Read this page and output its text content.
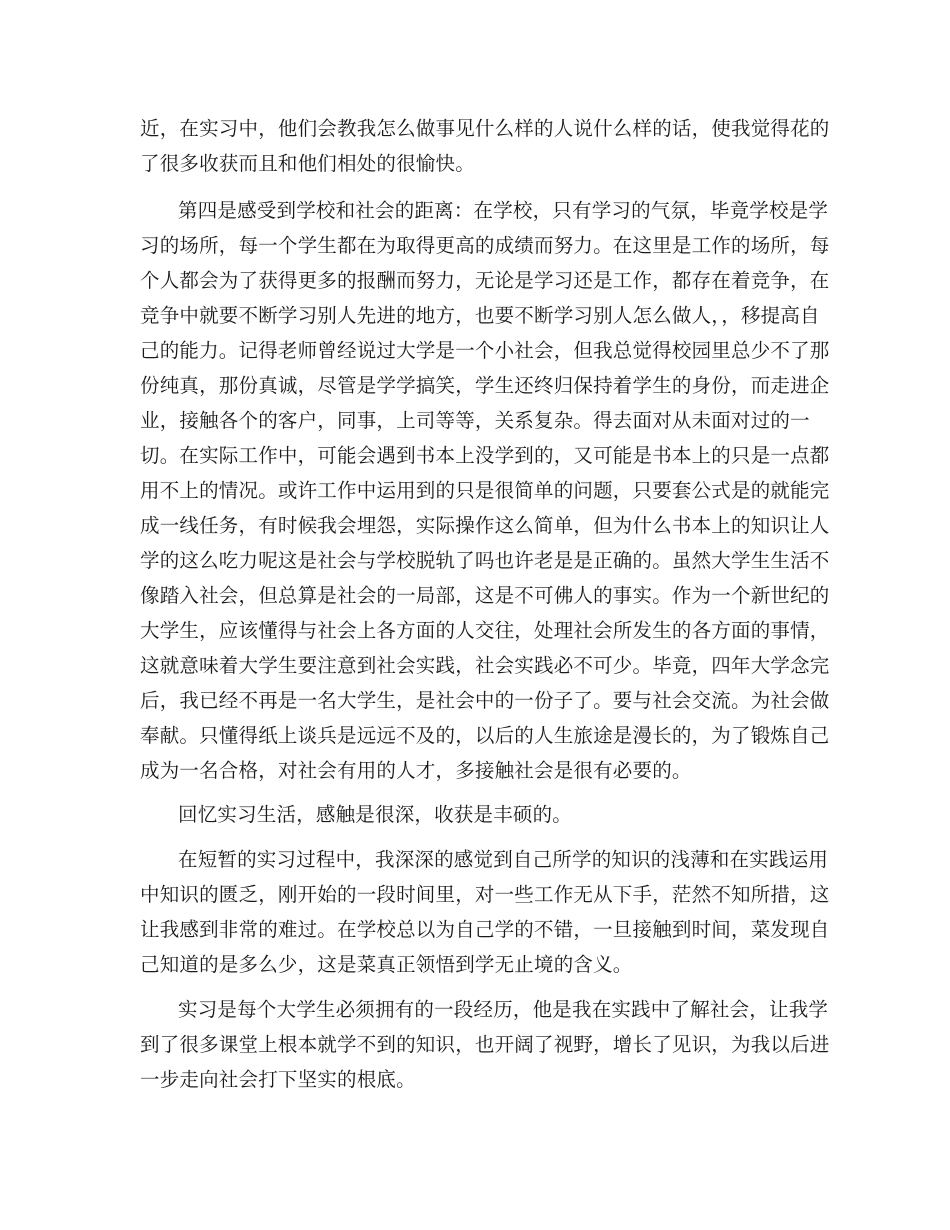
近，在实习中，他们会教我怎么做事见什么样的人说什么样的话，使我觉得花的
了很多收获而且和他们相处的很愉快。
第四是感受到学校和社会的距离：在学校，只有学习的气氛，毕竟学校是学
习的场所，每一个学生都在为取得更高的成绩而努力。在这里是工作的场所，每
个人都会为了获得更多的报酬而努力，无论是学习还是工作，都存在着竞争，在
竞争中就要不断学习别人先进的地方，也要不断学习别人怎么做人，，移提高自
己的能力。记得老师曾经说过大学是一个小社会，但我总觉得校园里总少不了那
份纯真，那份真诚，尽管是学学搞笑，学生还终归保持着学生的身份，而走进企
业，接触各个的客户，同事，上司等等，关系复杂。得去面对从未面对过的一
切。在实际工作中，可能会遇到书本上没学到的，又可能是书本上的只是一点都
用不上的情况。或许工作中运用到的只是很简单的问题，只要套公式是的就能完
成一线任务，有时候我会埋怨，实际操作这么简单，但为什么书本上的知识让人
学的这么吃力呢这是社会与学校脱轨了吗也许老是是正确的。虽然大学生生活不
像踏入社会，但总算是社会的一局部，这是不可佛人的事实。作为一个新世纪的
大学生，应该懂得与社会上各方面的人交往，处理社会所发生的各方面的事情，
这就意味着大学生要注意到社会实践，社会实践必不可少。毕竟，四年大学念完
后，我已经不再是一名大学生，是社会中的一份子了。要与社会交流。为社会做
奉献。只懂得纸上谈兵是远远不及的，以后的人生旅途是漫长的，为了锻炼自己
成为一名合格，对社会有用的人才，多接触社会是很有必要的。
回忆实习生活，感触是很深，收获是丰硕的。
在短暂的实习过程中，我深深的感觉到自己所学的知识的浅薄和在实践运用
中知识的匮乏，刚开始的一段时间里，对一些工作无从下手，茫然不知所措，这
让我感到非常的难过。在学校总以为自己学的不错，一旦接触到时间，菜发现自
己知道的是多么少，这是菜真正领悟到学无止境的含义。
实习是每个大学生必须拥有的一段经历，他是我在实践中了解社会，让我学
到了很多课堂上根本就学不到的知识，也开阔了视野，增长了见识，为我以后进
一步走向社会打下坚实的根底。
